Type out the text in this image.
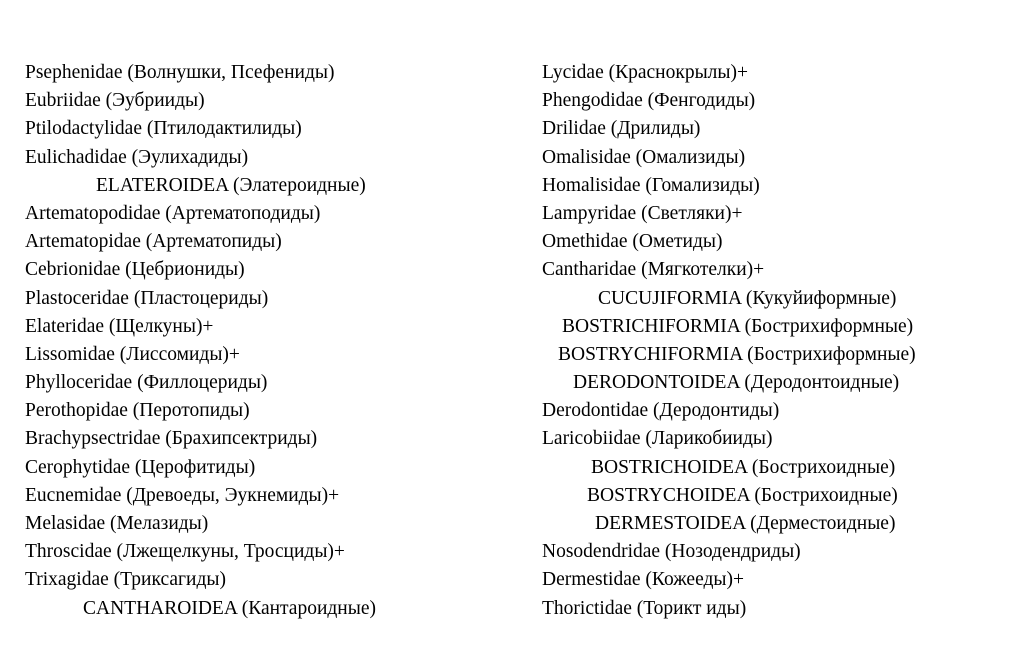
Psephenidae (Волнушки, Псефениды)
Eubriidae (Эубрииды)
Ptilodactylidae (Птилодактилиды)
Eulichadidae (Эулихадиды)
ELATEROIDEA (Элатероидные)
Artematopodidae (Артематоподиды)
Artematopidae (Артематопиды)
Cebrionidae (Цебриониды)
Plastoceridae (Пластоцериды)
Elateridae (Щелкуны)+
Lissomidae (Лиссомиды)+
Phylloceridae (Филлоцериды)
Perothopidae (Перотопиды)
Brachypsectridae (Брахипсектриды)
Cerophytidae (Церофитиды)
Eucnemidae (Древоеды, Эукнемиды)+
Melasidae (Мелазиды)
Throscidae (Лжещелкуны, Тросциды)+
Trixagidae (Триксагиды)
CANTHAROIDEA (Кантароидные)
Lycidae (Краснокрылы)+
Phengodidae (Фенгодиды)
Drilidae (Дрилиды)
Omalisidae (Омализиды)
Homalisidae (Гомализиды)
Lampyridae (Светляки)+
Omethidae (Ометиды)
Cantharidae (Мягкотелки)+
CUCUJIFORMIA (Кукуйиформные)
BOSTRICHIFORMIA (Бострихиформные)
BOSTRYCHIFORMIA (Бострихиформные)
DERODONTOIDEA (Деродонтоидные)
Derodontidae (Деродонтиды)
Laricobiidae (Ларикобииды)
BOSTRICHOIDEA (Бострихоидные)
BOSTRYCHOIDEA (Бострихоидные)
DERMESTOIDEA (Дерместоидные)
Nosodendridae (Нозодендриды)
Dermestidae (Кожееды)+
Thorictidae (Торикт иды)
